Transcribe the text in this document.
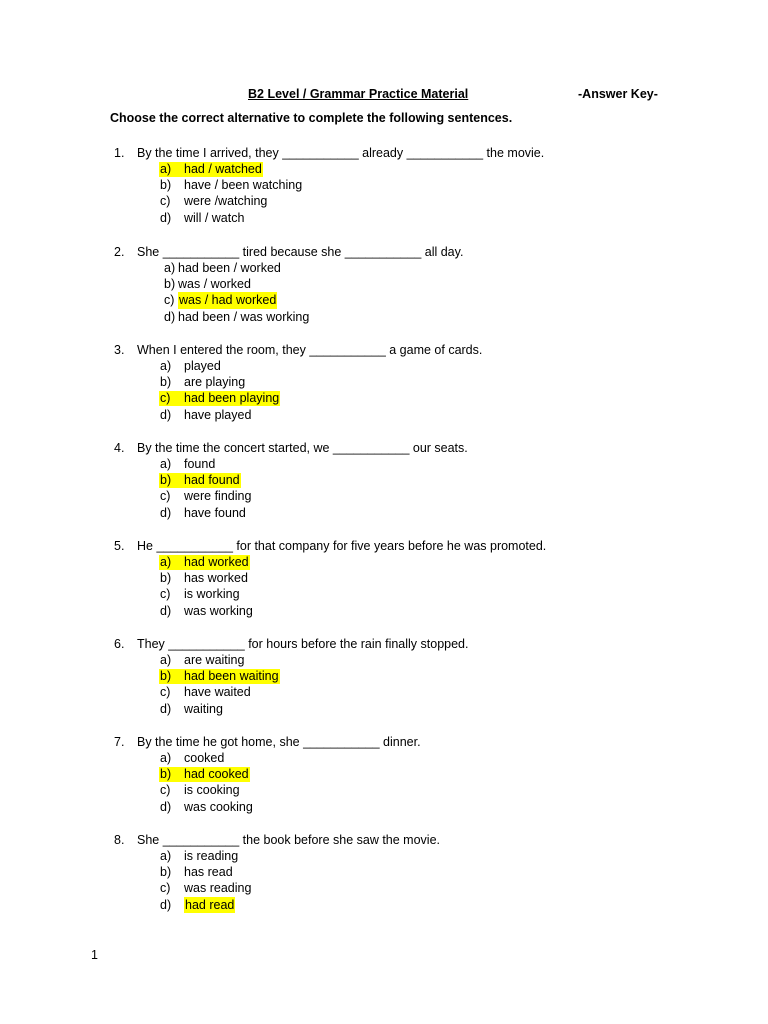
B2 Level / Grammar Practice Material	-Answer Key-
Choose the correct alternative to complete the following sentences.
1. By the time I arrived, they ___________ already ___________ the movie.
a) had / watched
b) have / been watching
c) were /watching
d) will / watch
2. She ___________ tired because she ___________ all day.
a) had been / worked
b) was / worked
c) was / had worked
d) had been / was working
3. When I entered the room, they ___________ a game of cards.
a) played
b) are playing
c) had been playing
d) have played
4. By the time the concert started, we ___________ our seats.
a) found
b) had found
c) were finding
d) have found
5. He ___________ for that company for five years before he was promoted.
a) had worked
b) has worked
c) is working
d) was working
6. They ___________ for hours before the rain finally stopped.
a) are waiting
b) had been waiting
c) have waited
d) waiting
7. By the time he got home, she ___________ dinner.
a) cooked
b) had cooked
c) is cooking
d) was cooking
8. She ___________ the book before she saw the movie.
a) is reading
b) has read
c) was reading
d) had read
1
